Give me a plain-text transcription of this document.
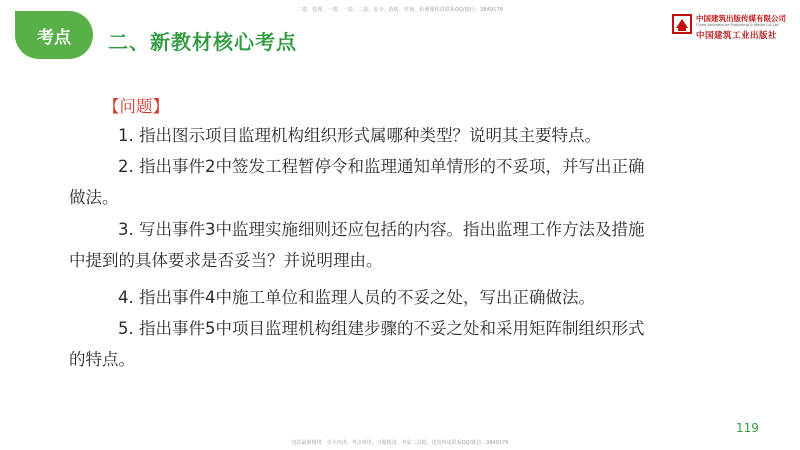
二建、监理、一建、一造、二造、安全、消防、咨询、检测课程请联系QQ/微信：3849176
考点	二、新教材核心考点
中国建筑出版传媒有限公司
China Architecture Publishing & Media Co.,Ltd
中国建筑工业出版社
【问题】
1. 指出图示项目监理机构组织形式属哪种类型？说明其主要特点。
2. 指出事件2中签发工程暂停令和监理通知单情形的不妥项，并写出正确
做法。
3. 写出事件3中监理实施细则还应包括的内容。指出监理工作方法及措施
中提到的具体要求是否妥当？并说明理由。
4. 指出事件4中施工单位和监理人员的不妥之处，写出正确做法。
5. 指出事件5中项目监理机构组建步骤的不妥之处和采用矩阵制组织形式
的特点。
119
包括最新精讲、夹全内讲、考点串讲、习题精讲、考前三页纸、送资料请联系QQ/微信：3849176
